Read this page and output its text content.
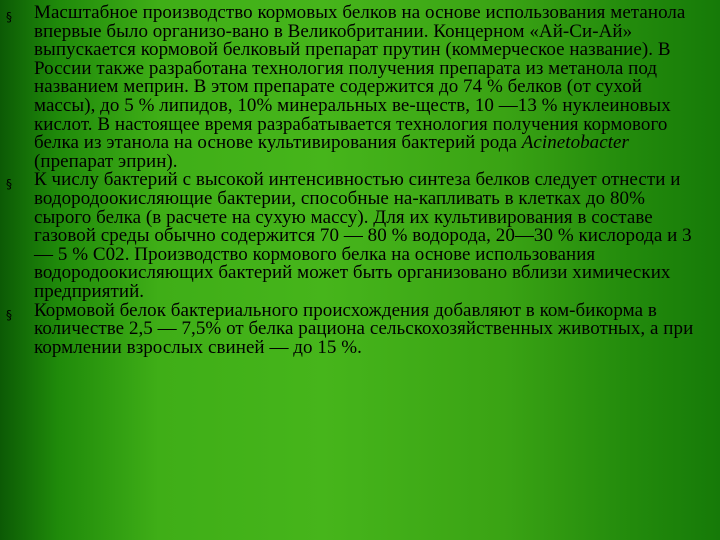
§ Масштабное производство кормовых белков на основе использования метанола впервые было организо-вано в Великобритании. Концерном «Ай-Си-Ай» выпускается кормовой белковый препарат прутин (коммерческое название). В России также разработана технология получения препарата из метанола под названием меприн. В этом препарате содержится до 74 % белков (от сухой массы), до 5 % липидов, 10% минеральных ве-ществ, 10 —13 % нуклеиновых кислот. В настоящее время разрабатывается технология получения кормового белка из этанола на основе культивирования бактерий рода Acinetobacter (препарат эприн).
§ К числу бактерий с высокой интенсивностью синтеза белков следует отнести и водородоокисляющие бактерии, способные на-капливать в клетках до 80% сырого белка (в расчете на сухую массу). Для их культивирования в составе газовой среды обычно содержится 70 — 80 % водорода, 20—30 % кислорода и 3 — 5 % С02. Производство кормового белка на основе использования водородоокисляющих бактерий может быть организовано вблизи химических предприятий.
§ Кормовой белок бактериального происхождения добавляют в ком-бикорма в количестве 2,5 — 7,5% от белка рациона сельскохозяйственных животных, а при кормлении взрослых свиней — до 15 %.
